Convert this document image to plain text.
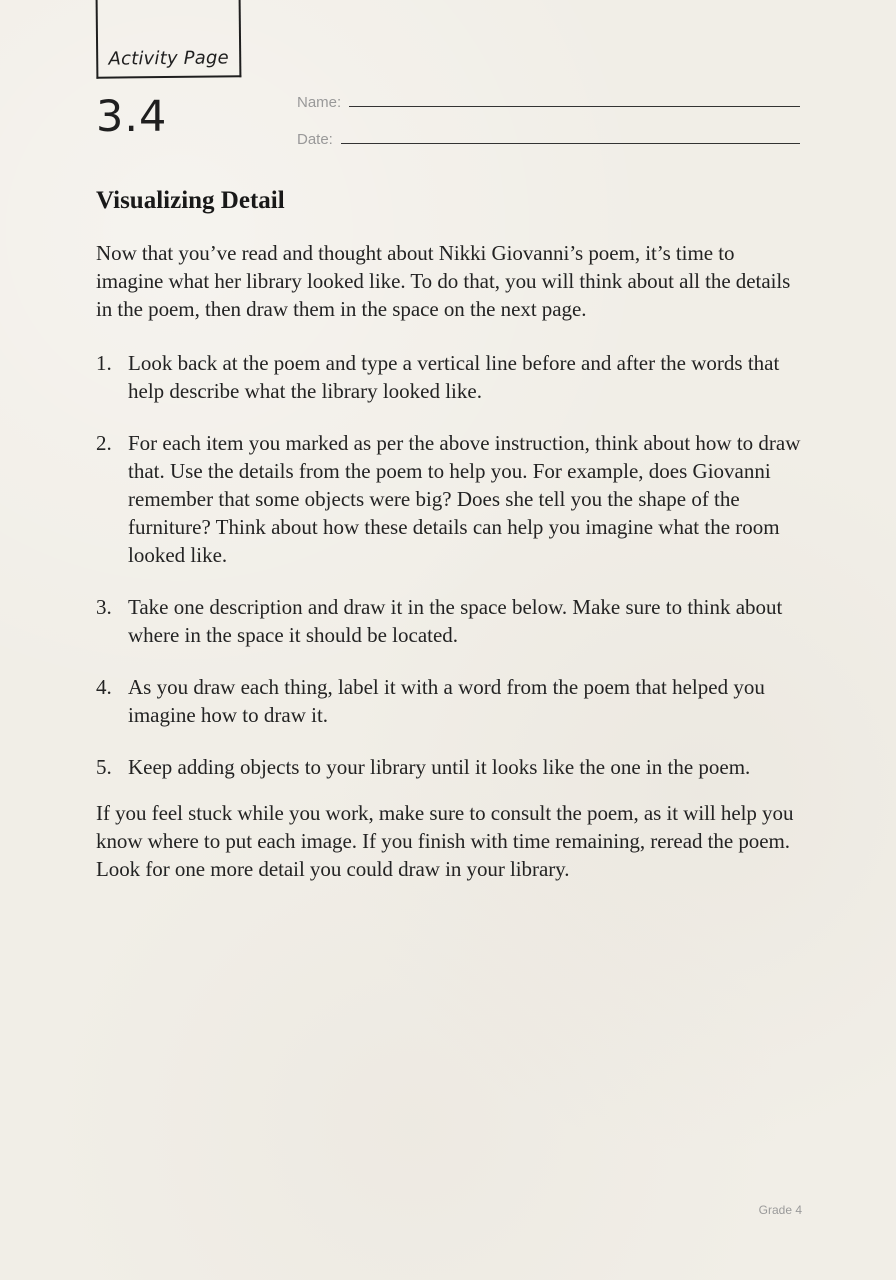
Activity Page
3.4	Name:
Date:
Visualizing Detail

Now that you’ve read and thought about Nikki Giovanni’s poem, it’s time to imagine what her library looked like. To do that, you will think about all the details in the poem, then draw them in the space on the next page.

1. Look back at the poem and type a vertical line before and after the words that help describe what the library looked like.
2. For each item you marked as per the above instruction, think about how to draw that. Use the details from the poem to help you. For example, does Giovanni remember that some objects were big? Does she tell you the shape of the furniture? Think about how these details can help you imagine what the room looked like.
3. Take one description and draw it in the space below. Make sure to think about where in the space it should be located.
4. As you draw each thing, label it with a word from the poem that helped you imagine how to draw it.
5. Keep adding objects to your library until it looks like the one in the poem.

If you feel stuck while you work, make sure to consult the poem, as it will help you know where to put each image. If you finish with time remaining, reread the poem. Look for one more detail you could draw in your library.

Grade 4
